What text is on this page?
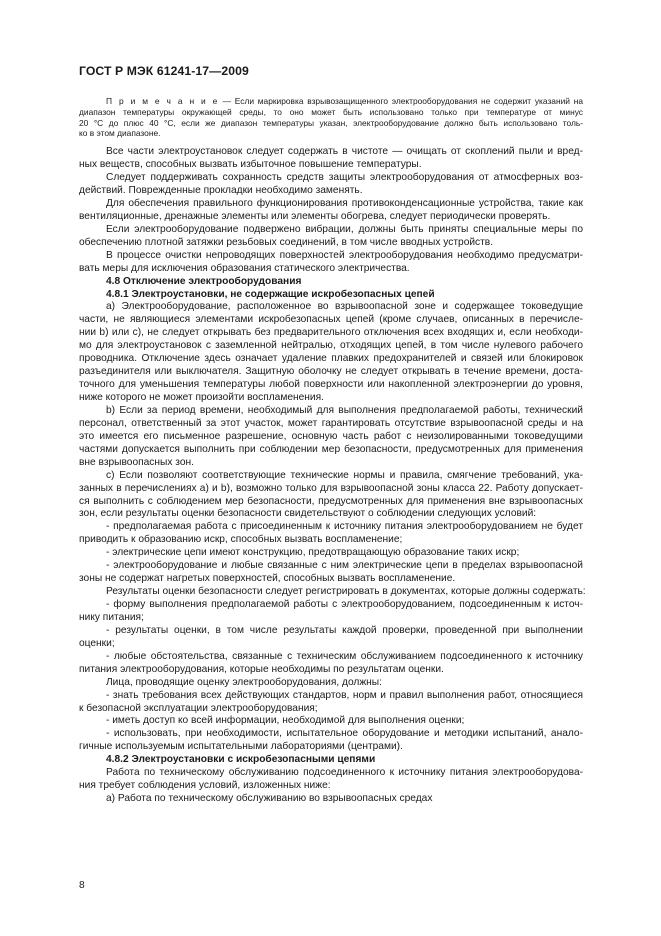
ГОСТ Р МЭК 61241-17—2009
П р и м е ч а н и е — Если маркировка взрывозащищенного электрооборудования не содержит указаний на
диапазон температуры окружающей среды, то оно может быть использовано только при температуре от минус
20 °С до плюс 40 °С, если же диапазон температуры указан, электрооборудование должно быть использовано толь-
ко в этом диапазоне.
Все части электроустановок следует содержать в чистоте — очищать от скоплений пыли и вред-
ных веществ, способных вызвать избыточное повышение температуры.
Следует поддерживать сохранность средств защиты электрооборудования от атмосферных воз-
действий. Поврежденные прокладки необходимо заменять.
Для обеспечения правильного функционирования противоконденсационные устройства, такие как
вентиляционные, дренажные элементы или элементы обогрева, следует периодически проверять.
Если электрооборудование подвержено вибрации, должны быть приняты специальные меры по
обеспечению плотной затяжки резьбовых соединений, в том числе вводных устройств.
В процессе очистки непроводящих поверхностей электрооборудования необходимо предусматри-
вать меры для исключения образования статического электричества.
4.8 Отключение электрооборудования
4.8.1 Электроустановки, не содержащие искробезопасных цепей
а) Электрооборудование, расположенное во взрывоопасной зоне и содержащее токоведущие
части, не являющиеся элементами искробезопасных цепей (кроме случаев, описанных в перечисле-
нии b) или с), не следует открывать без предварительного отключения всех входящих и, если необходи-
мо для электроустановок с заземленной нейтралью, отходящих цепей, в том числе нулевого рабочего
проводника. Отключение здесь означает удаление плавких предохранителей и связей или блокировок
разъединителя или выключателя. Защитную оболочку не следует открывать в течение времени, доста-
точного для уменьшения температуры любой поверхности или накопленной электроэнергии до уровня,
ниже которого не может произойти воспламенения.
b) Если за период времени, необходимый для выполнения предполагаемой работы, технический
персонал, ответственный за этот участок, может гарантировать отсутствие взрывоопасной среды и на
это имеется его письменное разрешение, основную часть работ с неизолированными токоведущими
частями допускается выполнить при соблюдении мер безопасности, предусмотренных для применения
вне взрывоопасных зон.
с) Если позволяют соответствующие технические нормы и правила, смягчение требований, ука-
занных в перечислениях а) и b), возможно только для взрывоопасной зоны класса 22. Работу допускает-
ся выполнить с соблюдением мер безопасности, предусмотренных для применения вне взрывоопасных
зон, если результаты оценки безопасности свидетельствуют о соблюдении следующих условий:
- предполагаемая работа с присоединенным к источнику питания электрооборудованием не будет
приводить к образованию искр, способных вызвать воспламенение;
- электрические цепи имеют конструкцию, предотвращающую образование таких искр;
- электрооборудование и любые связанные с ним электрические цепи в пределах взрывоопасной
зоны не содержат нагретых поверхностей, способных вызвать воспламенение.
Результаты оценки безопасности следует регистрировать в документах, которые должны содержать:
- форму выполнения предполагаемой работы с электрооборудованием, подсоединенным к источ-
нику питания;
- результаты оценки, в том числе результаты каждой проверки, проведенной при выполнении
оценки;
- любые обстоятельства, связанные с техническим обслуживанием подсоединенного к источнику
питания электрооборудования, которые необходимы по результатам оценки.
Лица, проводящие оценку электрооборудования, должны:
- знать требования всех действующих стандартов, норм и правил выполнения работ, относящиеся
к безопасной эксплуатации электрооборудования;
- иметь доступ ко всей информации, необходимой для выполнения оценки;
- использовать, при необходимости, испытательное оборудование и методики испытаний, анало-
гичные используемым испытательными лабораториями (центрами).
4.8.2 Электроустановки с искробезопасными цепями
Работа по техническому обслуживанию подсоединенного к источнику питания электрооборудова-
ния требует соблюдения условий, изложенных ниже:
а) Работа по техническому обслуживанию во взрывоопасных средах
8
